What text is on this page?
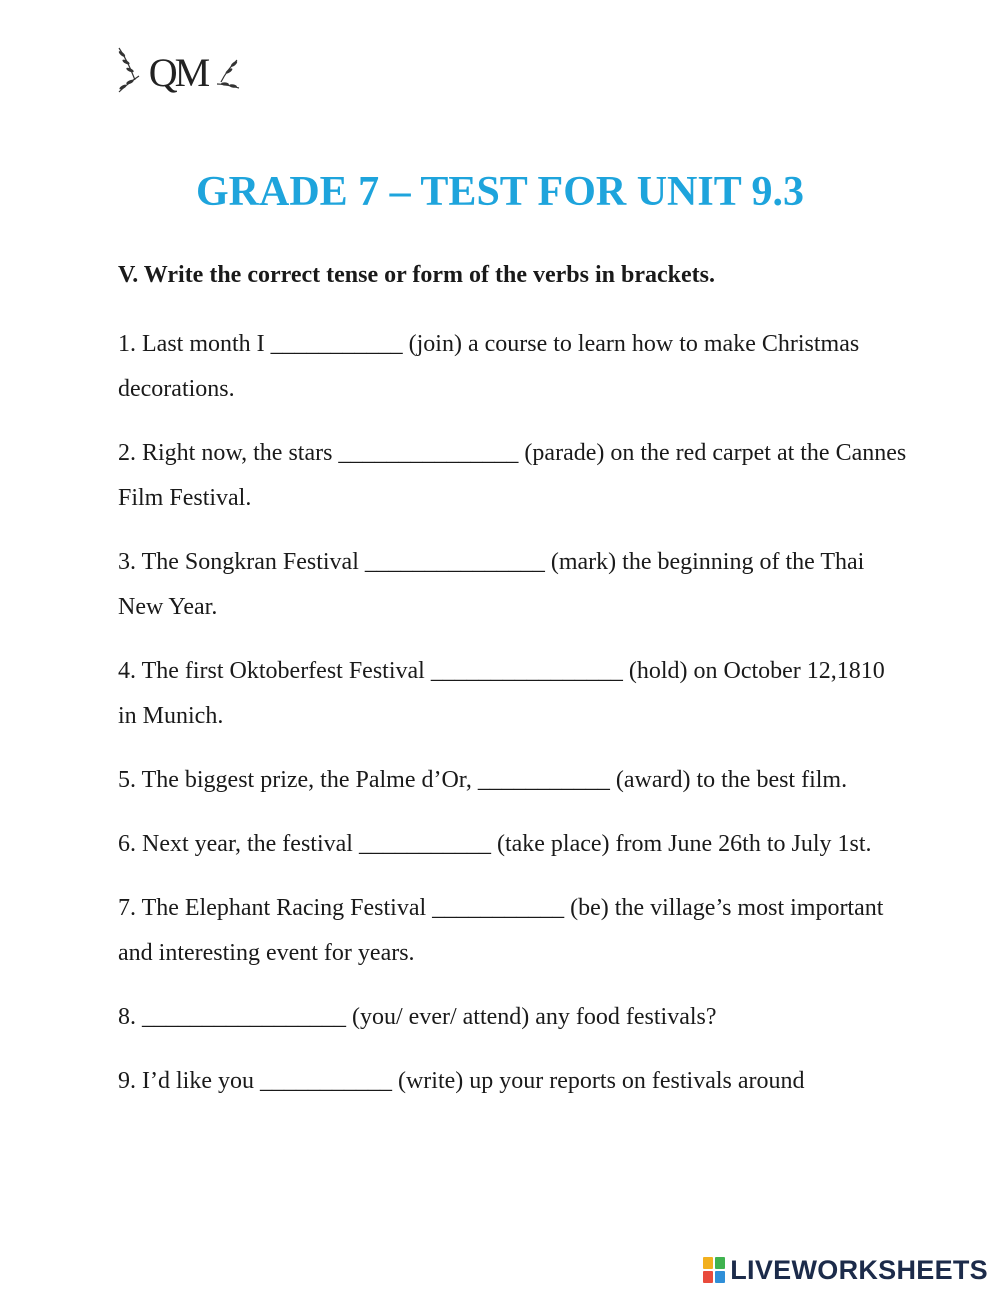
QM
GRADE 7 – TEST FOR UNIT 9.3

V. Write the correct tense or form of the verbs in brackets.

1. Last month I ___________ (join) a course to learn how to make Christmas decorations.
2. Right now, the stars _______________ (parade) on the red carpet at the Cannes Film Festival.
3. The Songkran Festival _______________ (mark) the beginning of the Thai New Year.
4. The first Oktoberfest Festival ________________ (hold) on October 12,1810 in Munich.
5. The biggest prize, the Palme d’Or, ___________ (award) to the best film.
6. Next year, the festival ___________ (take place) from June 26th to July 1st.
7. The Elephant Racing Festival ___________ (be) the village’s most important and interesting event for years.
8. _________________ (you/ ever/ attend) any food festivals?
9. I’d like you ___________ (write) up your reports on festivals around
LIVEWORKSHEETS
